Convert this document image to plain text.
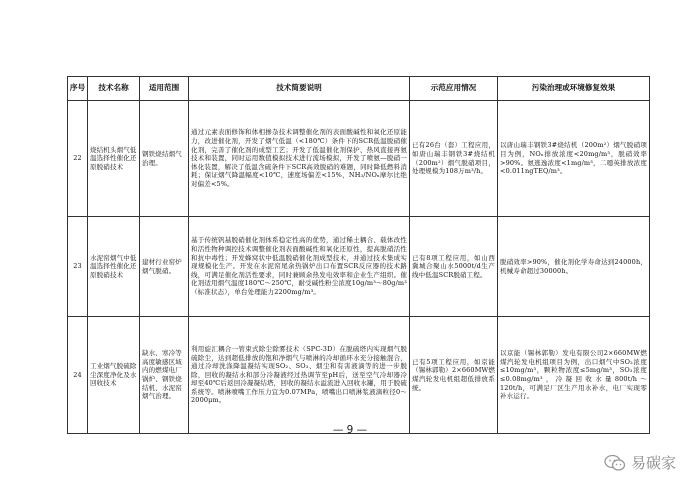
序号	技术名称	适用范围	技术简要说明	示范应用情况	污染治理或环境修复效果
22	烧结机头烟气低温选择性催化还原脱硝技术	钢铁烧结烟气治理。	通过元素表面修饰和体相掺杂技术调整催化剂的表面酸碱性和氧化还原能力，改进催化剂，开发了烟气低温（<180℃）条件下的SCR低温脱硝催化剂，完善了催化剂的成型工艺；开发了低温催化剂保护、热风直接再氨技术和装置，同时运用数值模拟技术进行流场模拟，开发了喷氨—脱硝一体化装置，解决了低温含硫条件下SCR高效脱硝的难题，同时降低燃料消耗；保证烟气降温幅度<10℃，速度场偏差<15%，NH₃/NOₓ摩尔比绝对偏差<5%。	已有26台（套）工程应用，如唐山瑞丰钢铁3#烧结机（200m²）烟气脱硝项目，处理规模为108万m³/h。	以唐山瑞丰钢铁3#烧结机（200m²）烟气脱硝项目为例，NOₓ排放浓度<20mg/m³，脱硝效率>90%。氨逃逸浓度<1mg/m³，二噁英排放浓度<0.011ngTEQ/m³。
23	水泥窑烟气中低温选择性催化还原脱硝技术	建材行业窑炉烟气脱硝。	基于传统钒基脱硝催化剂体系稳定性高的优势，通过稀土耦合、载体改性和活性物种调控技术调整催化剂表面酸碱性和氧化还原性，提高脱硝活性和抗中毒性；开发蜂窝状中低温脱硝催化剂成型技术，并通过技术集成实现规模化生产。开发在水泥窑尾余热锅炉出口布置SCR反应器的技术路线，可满足催化剂活性要求，同时兼顾余热发电效率和企业生产组织。催化剂适用烟气温度180℃～250℃，耐受碱性粉尘浓度10g/m³～80g/m³（标准状态），单台处理能力2200mg/m³。	已有8项工程应用，如山西冀城合聚山水5000t/d生产线中低温SCR脱硝工程。	脱硝效率>90%，催化剂化学寿命达到24000h，机械寿命超过30000h。
24	工业烟气脱硫除尘深度净化及水回收技术	缺水、寒冷等高度敏感区域内的燃煤电厂锅炉、钢铁烧结机、水泥窑烟气治理。	利用旋汇耦合一管束式除尘除雾技术（SPC-3D）在脱硫塔内实现烟气脱硫除尘，达到超低排放的饱和净烟气与喷淋的冷却循环水充分接触混合，通过冷却洗涤降温凝结实现SO₂、SO₃、烟尘和有害液滴等的进一步脱除，回收的凝结水和部分冷凝液经过热调节至pH后，送至空气冷却器冷却至40℃后返回冷凝凝结塔，回收的凝结水溢流进入回收水罐，用于脱硫系统等。喷淋喷嘴工作压力宜为0.07MPa，喷嘴出口喷淋浆液滴粒径0～2000μm。	已有5项工程应用，如京能（锡林郭勒）2×660MW燃煤汽轮发电机组超低排放系统。	以京能（锡林郭勒）发电有限公司2×660MW燃煤汽轮发电机组项目为例，出口烟气中SO₂浓度≤10mg/m³，颗粒物浓度≤5mg/m³，SO₃浓度≤0.08mg/m³，冷凝回收水量800t/h～120t/h，可满足厂区生产用水补水，电厂实现零补水运行。
— 9 —
易碳家
